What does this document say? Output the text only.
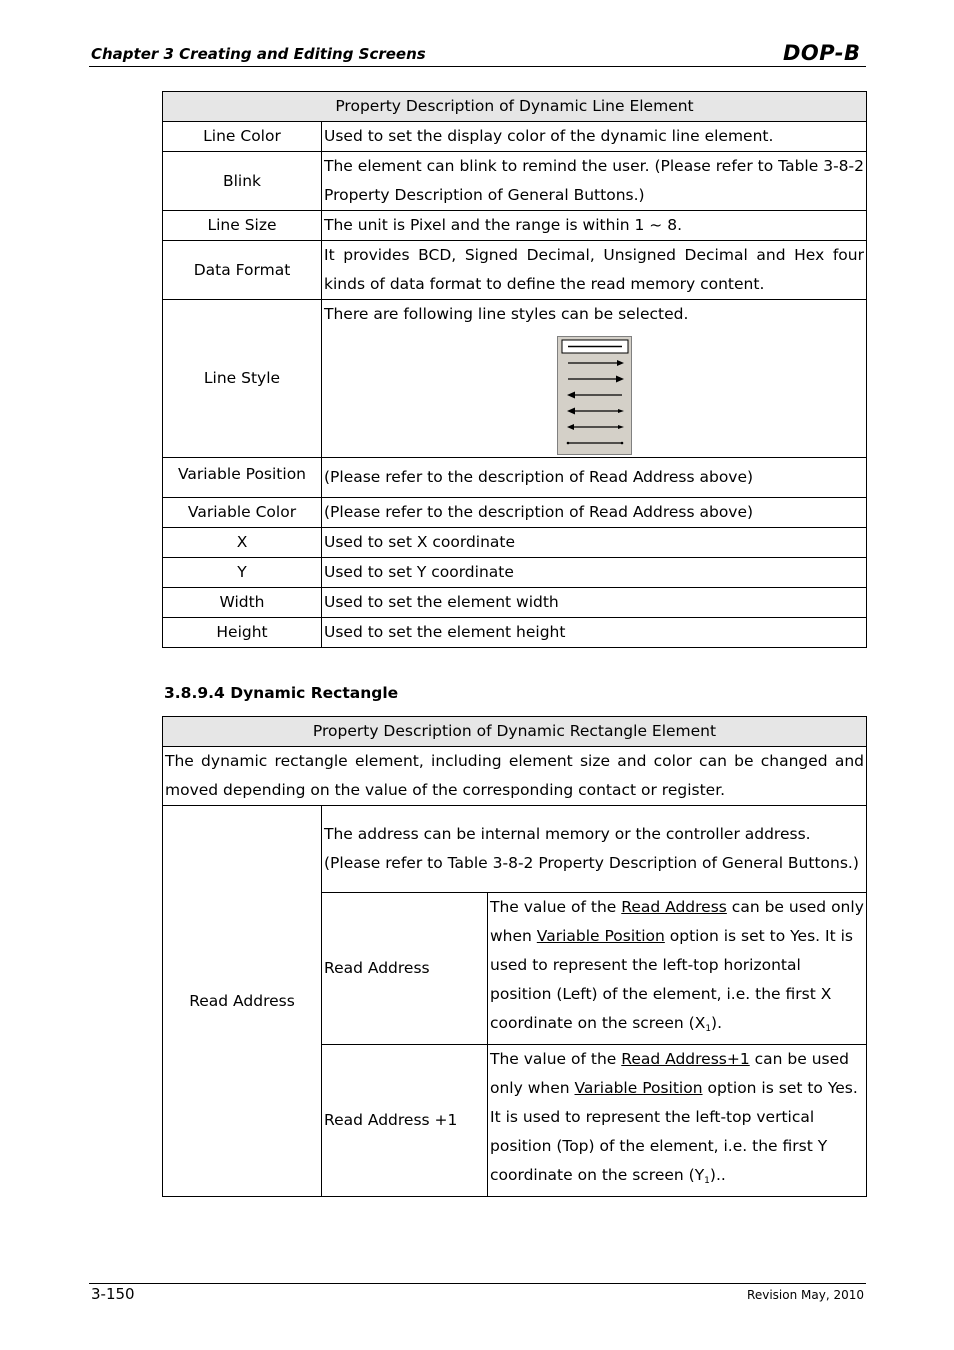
Chapter 3 Creating and Editing Screens	DOP-B
Property Description of Dynamic Line Element	
Line Color	Used to set the display color of the dynamic line element.
Blink	The element can blink to remind the user. (Please refer to Table 3-8-2 Property Description of General Buttons.)
Line Size	The unit is Pixel and the range is within 1 ~ 8.
Data Format	It provides BCD, Signed Decimal, Unsigned Decimal and Hex four kinds of data format to define the read memory content.
Line Style	There are following line styles can be selected.

Variable Position	(Please refer to the description of Read Address above)
Variable Color	(Please refer to the description of Read Address above)
X	Used to set X coordinate
Y	Used to set Y coordinate
Width	Used to set the element width
Height	Used to set the element height
3.8.9.4 Dynamic Rectangle
Property Description of Dynamic Rectangle Element		
The dynamic rectangle element, including element size and color can be changed and moved depending on the value of the corresponding contact or register.		
Read Address	The address can be internal memory or the controller address. (Please refer to Table 3-8-2 Property Description of General Buttons.)	
	Read Address	The value of the Read Address can be used only when Variable Position option is set to Yes. It is used to represent the left-top horizontal position (Left) of the element, i.e. the first X coordinate on the screen $(X_1)$.
	Read Address +1	The value of the Read Address+1 can be used only when Variable Position option is set to Yes. It is used to represent the left-top vertical position (Top) of the element, i.e. the first Y coordinate on the screen $(Y_1)$..
3-150	Revision May, 2010
